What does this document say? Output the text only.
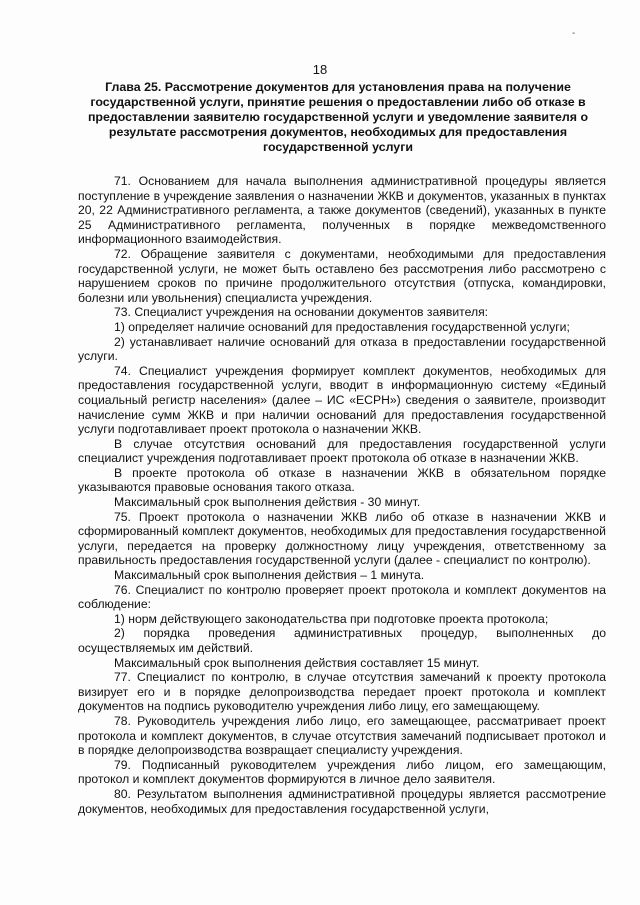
-
18
Глава 25. Рассмотрение документов для установления права на получение государственной услуги, принятие решения о предоставлении либо об отказе в предоставлении заявителю государственной услуги и уведомление заявителя о результате рассмотрения документов, необходимых для предоставления государственной услуги

71. Основанием для начала выполнения административной процедуры является поступление в учреждение заявления о назначении ЖКВ и документов, указанных в пунктах 20, 22 Административного регламента, а также документов (сведений), указанных в пункте 25 Административного регламента, полученных в порядке межведомственного информационного взаимодействия.

72. Обращение заявителя с документами, необходимыми для предоставления государственной услуги, не может быть оставлено без рассмотрения либо рассмотрено с нарушением сроков по причине продолжительного отсутствия (отпуска, командировки, болезни или увольнения) специалиста учреждения.

73. Специалист учреждения на основании документов заявителя:

1) определяет наличие оснований для предоставления государственной услуги;

2) устанавливает наличие оснований для отказа в предоставлении государственной услуги.

74. Специалист учреждения формирует комплект документов, необходимых для предоставления государственной услуги, вводит в информационную систему «Единый социальный регистр населения» (далее – ИС «ЕСРН») сведения о заявителе, производит начисление сумм ЖКВ и при наличии оснований для предоставления государственной услуги подготавливает проект протокола о назначении ЖКВ.

В случае отсутствия оснований для предоставления государственной услуги специалист учреждения подготавливает проект протокола об отказе в назначении ЖКВ.

В проекте протокола об отказе в назначении ЖКВ в обязательном порядке указываются правовые основания такого отказа.

Максимальный срок выполнения действия - 30 минут.

75. Проект протокола о назначении ЖКВ либо об отказе в назначении ЖКВ и сформированный комплект документов, необходимых для предоставления государственной услуги, передается на проверку должностному лицу учреждения, ответственному за правильность предоставления государственной услуги (далее - специалист по контролю).

Максимальный срок выполнения действия – 1 минута.

76. Специалист по контролю проверяет проект протокола и комплект документов на соблюдение:

1) норм действующего законодательства при подготовке проекта протокола;

2) порядка проведения административных процедур, выполненных до осуществляемых им действий.

Максимальный срок выполнения действия составляет 15 минут.

77. Специалист по контролю, в случае отсутствия замечаний к проекту протокола визирует его и в порядке делопроизводства передает проект протокола и комплект документов на подпись руководителю учреждения либо лицу, его замещающему.

78. Руководитель учреждения либо лицо, его замещающее, рассматривает проект протокола и комплект документов, в случае отсутствия замечаний подписывает протокол и в порядке делопроизводства возвращает специалисту учреждения.

79. Подписанный руководителем учреждения либо лицом, его замещающим, протокол и комплект документов формируются в личное дело заявителя.

80. Результатом выполнения административной процедуры является рассмотрение документов, необходимых для предоставления государственной услуги,
